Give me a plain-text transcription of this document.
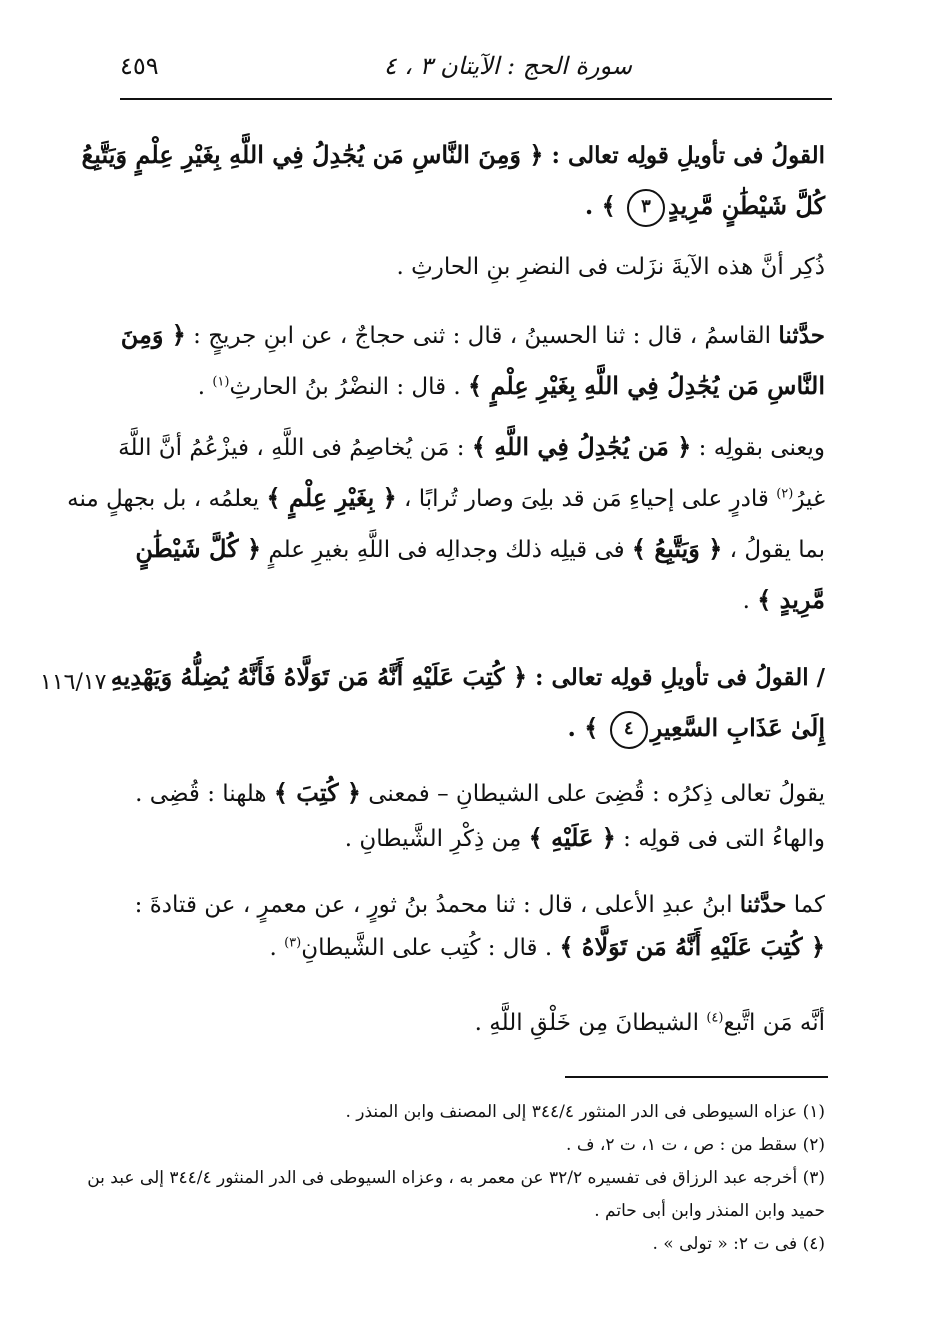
سورة الحج : الآيتان ٣ ، ٤
٤٥٩
القولُ فى تأويلِ قولِه تعالى : ﴿ وَمِنَ النَّاسِ مَن يُجَٰدِلُ فِي اللَّهِ بِغَيْرِ عِلْمٍ وَيَتَّبِعُ
كُلَّ شَيْطَٰنٍ مَّرِيدٍ٣ ﴾ .
ذُكِر أنَّ هذه الآيةَ نزَلت فى النضرِ بنِ الحارثِ .
حدَّثنا القاسمُ ، قال : ثنا الحسينُ ، قال : ثنى حجاجٌ ، عن ابنِ جريجٍ : ﴿ وَمِنَ
النَّاسِ مَن يُجَٰدِلُ فِي اللَّهِ بِغَيْرِ عِلْمٍ ﴾ . قال : النضْرُ بنُ الحارثِ$^{(١)}$ .
ويعنى بقولِه : ﴿ مَن يُجَٰدِلُ فِي اللَّهِ ﴾ : مَن يُخاصِمُ فى اللَّهِ ، فيزْعُمُ أنَّ اللَّهَ
غيرُ$^{(٢)}$ قادرٍ على إحياءِ مَن قد بلِىَ وصار تُرابًا ، ﴿ بِغَيْرِ عِلْمٍ ﴾ يعلمُه ، بل بجهلٍ منه
بما يقولُ ، ﴿ وَيَتَّبِعُ ﴾ فى قيلِه ذلك وجدالِه فى اللَّهِ بغيرِ علمٍ ﴿ كُلَّ شَيْطَٰنٍ
مَّرِيدٍ ﴾ .
١١٦/١٧	/ القولُ فى تأويلِ قولِه تعالى : ﴿ كُتِبَ عَلَيْهِ أَنَّهُ مَن تَوَلَّاهُ فَأَنَّهُ يُضِلُّهُ وَيَهْدِيهِ
إِلَىٰ عَذَابِ السَّعِيرِ٤ ﴾ .
يقولُ تعالى ذِكرُه : قُضِىَ على الشيطانِ – فمعنى ﴿ كُتِبَ ﴾ هلهنا : قُضِى .
والهاءُ التى فى قولِه : ﴿ عَلَيْهِ ﴾ مِن ذِكْرِ الشَّيطانِ .
كما حدَّثنا ابنُ عبدِ الأعلى ، قال : ثنا محمدُ بنُ ثورٍ ، عن معمرٍ ، عن قتادةَ :
﴿ كُتِبَ عَلَيْهِ أَنَّهُ مَن تَوَلَّاهُ ﴾ . قال : كُتِب على الشَّيطانِ$^{(٣)}$ .
أنَّه مَن اتَّبع$^{(٤)}$ الشيطانَ مِن خَلْقِ اللَّهِ .

(١) عزاه السيوطى فى الدر المنثور ٣٤٤/٤ إلى المصنف وابن المنذر .

(٢) سقط من : ص ، ت ١، ت ٢، ف .

(٣) أخرجه عبد الرزاق فى تفسيره ٣٢/٢ عن معمر به ، وعزاه السيوطى فى الدر المنثور ٣٤٤/٤ إلى عبد بن

حميد وابن المنذر وابن أبى حاتم .

(٤) فى ت ٢: « تولى » .
